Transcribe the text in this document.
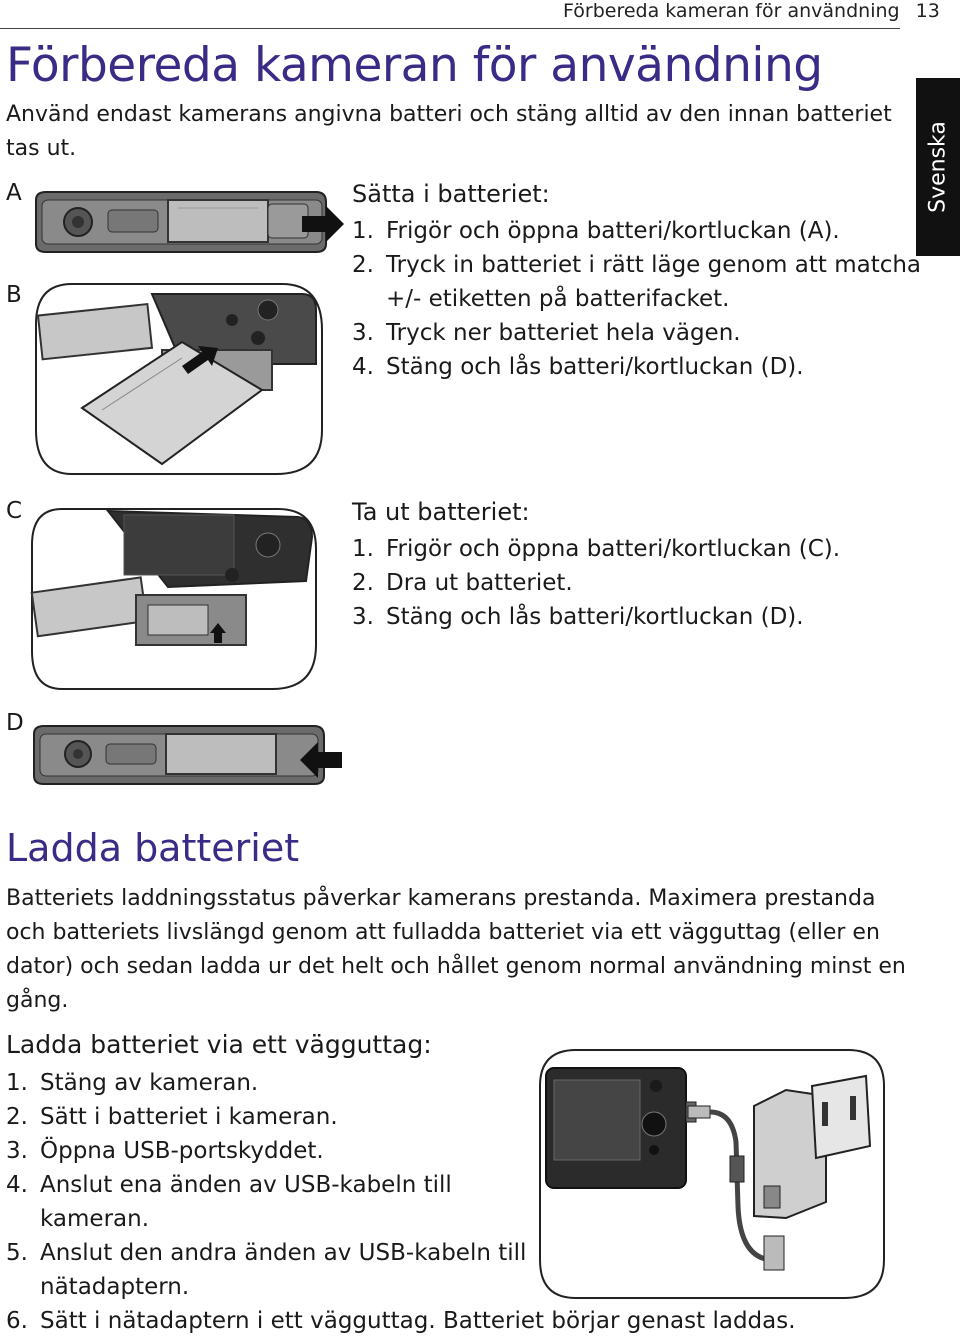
Förbereda kameran för användning 13
Svenska
Förbereda kameran för användning
Använd endast kamerans angivna batteri och stäng alltid av den innan batteriet tas ut.
A
B
C
D
Sätta i batteriet:
1. Frigör och öppna batteri/kortluckan (A).
2. Tryck in batteriet i rätt läge genom att matcha
+/- etiketten på batterifacket.
3. Tryck ner batteriet hela vägen.
4. Stäng och lås batteri/kortluckan (D).
Ta ut batteriet:
1. Frigör och öppna batteri/kortluckan (C).
2. Dra ut batteriet.
3. Stäng och lås batteri/kortluckan (D).
Ladda batteriet
Batteriets laddningsstatus påverkar kamerans prestanda. Maximera prestanda och batteriets livslängd genom att fulladda batteriet via ett vägguttag (eller en dator) och sedan ladda ur det helt och hållet genom normal användning minst en gång.
Ladda batteriet via ett vägguttag:
1. Stäng av kameran.
2. Sätt i batteriet i kameran.
3. Öppna USB-portskyddet.
4. Anslut ena änden av USB-kabeln till
kameran.
5. Anslut den andra änden av USB-kabeln till
nätadaptern.
6. Sätt i nätadaptern i ett vägguttag. Batteriet börjar genast laddas.
